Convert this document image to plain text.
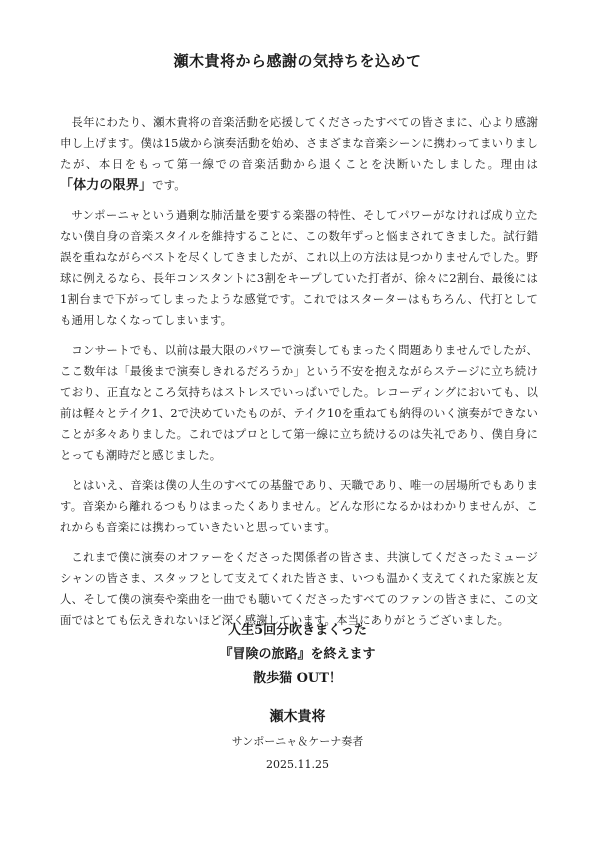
瀬木貴将から感謝の気持ちを込めて

長年にわたり、瀬木貴将の音楽活動を応援してくださったすべての皆さまに、心より感謝申し上げます。僕は15歳から演奏活動を始め、さまざまな音楽シーンに携わってまいりましたが、本日をもって第一線での音楽活動から退くことを決断いたしました。理由は「体力の限界」です。

サンポーニャという過剰な肺活量を要する楽器の特性、そしてパワーがなければ成り立たない僕自身の音楽スタイルを維持することに、この数年ずっと悩まされてきました。試行錯誤を重ねながらベストを尽くしてきましたが、これ以上の方法は見つかりませんでした。野球に例えるなら、長年コンスタントに3割をキープしていた打者が、徐々に2割台、最後には1割台まで下がってしまったような感覚です。これではスターターはもちろん、代打としても通用しなくなってしまいます。

コンサートでも、以前は最大限のパワーで演奏してもまったく問題ありませんでしたが、ここ数年は「最後まで演奏しきれるだろうか」という不安を抱えながらステージに立ち続けており、正直なところ気持ちはストレスでいっぱいでした。レコーディングにおいても、以前は軽々とテイク1、2で決めていたものが、テイク10を重ねても納得のいく演奏ができないことが多々ありました。これではプロとして第一線に立ち続けるのは失礼であり、僕自身にとっても潮時だと感じました。

とはいえ、音楽は僕の人生のすべての基盤であり、天職であり、唯一の居場所でもあります。音楽から離れるつもりはまったくありません。どんな形になるかはわかりませんが、これからも音楽には携わっていきたいと思っています。

これまで僕に演奏のオファーをくださった関係者の皆さま、共演してくださったミュージシャンの皆さま、スタッフとして支えてくれた皆さま、いつも温かく支えてくれた家族と友人、そして僕の演奏や楽曲を一曲でも聴いてくださったすべてのファンの皆さまに、この文面ではとても伝えきれないほど深く感謝しています。本当にありがとうございました。

人生5回分吹きまくった
『冒険の旅路』を終えます
散歩猫 OUT！
瀬木貴将
サンポーニャ＆ケーナ奏者
2025.11.25
